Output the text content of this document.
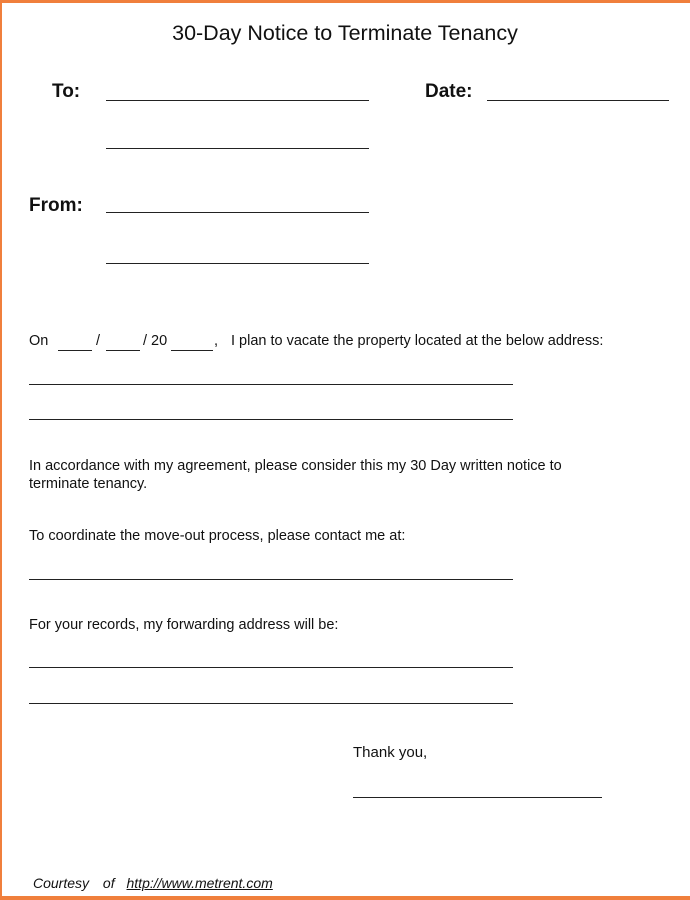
30-Day Notice to Terminate Tenancy
To:	Date:
From:
On	/	/ 20	, I plan to vacate the property located at the below address:
In accordance with my agreement, please consider this my 30 Day written notice to terminate tenancy.
To coordinate the move-out process, please contact me at:
For your records, my forwarding address will be:
Thank you,
Courtesy of http://www.metrent.com
